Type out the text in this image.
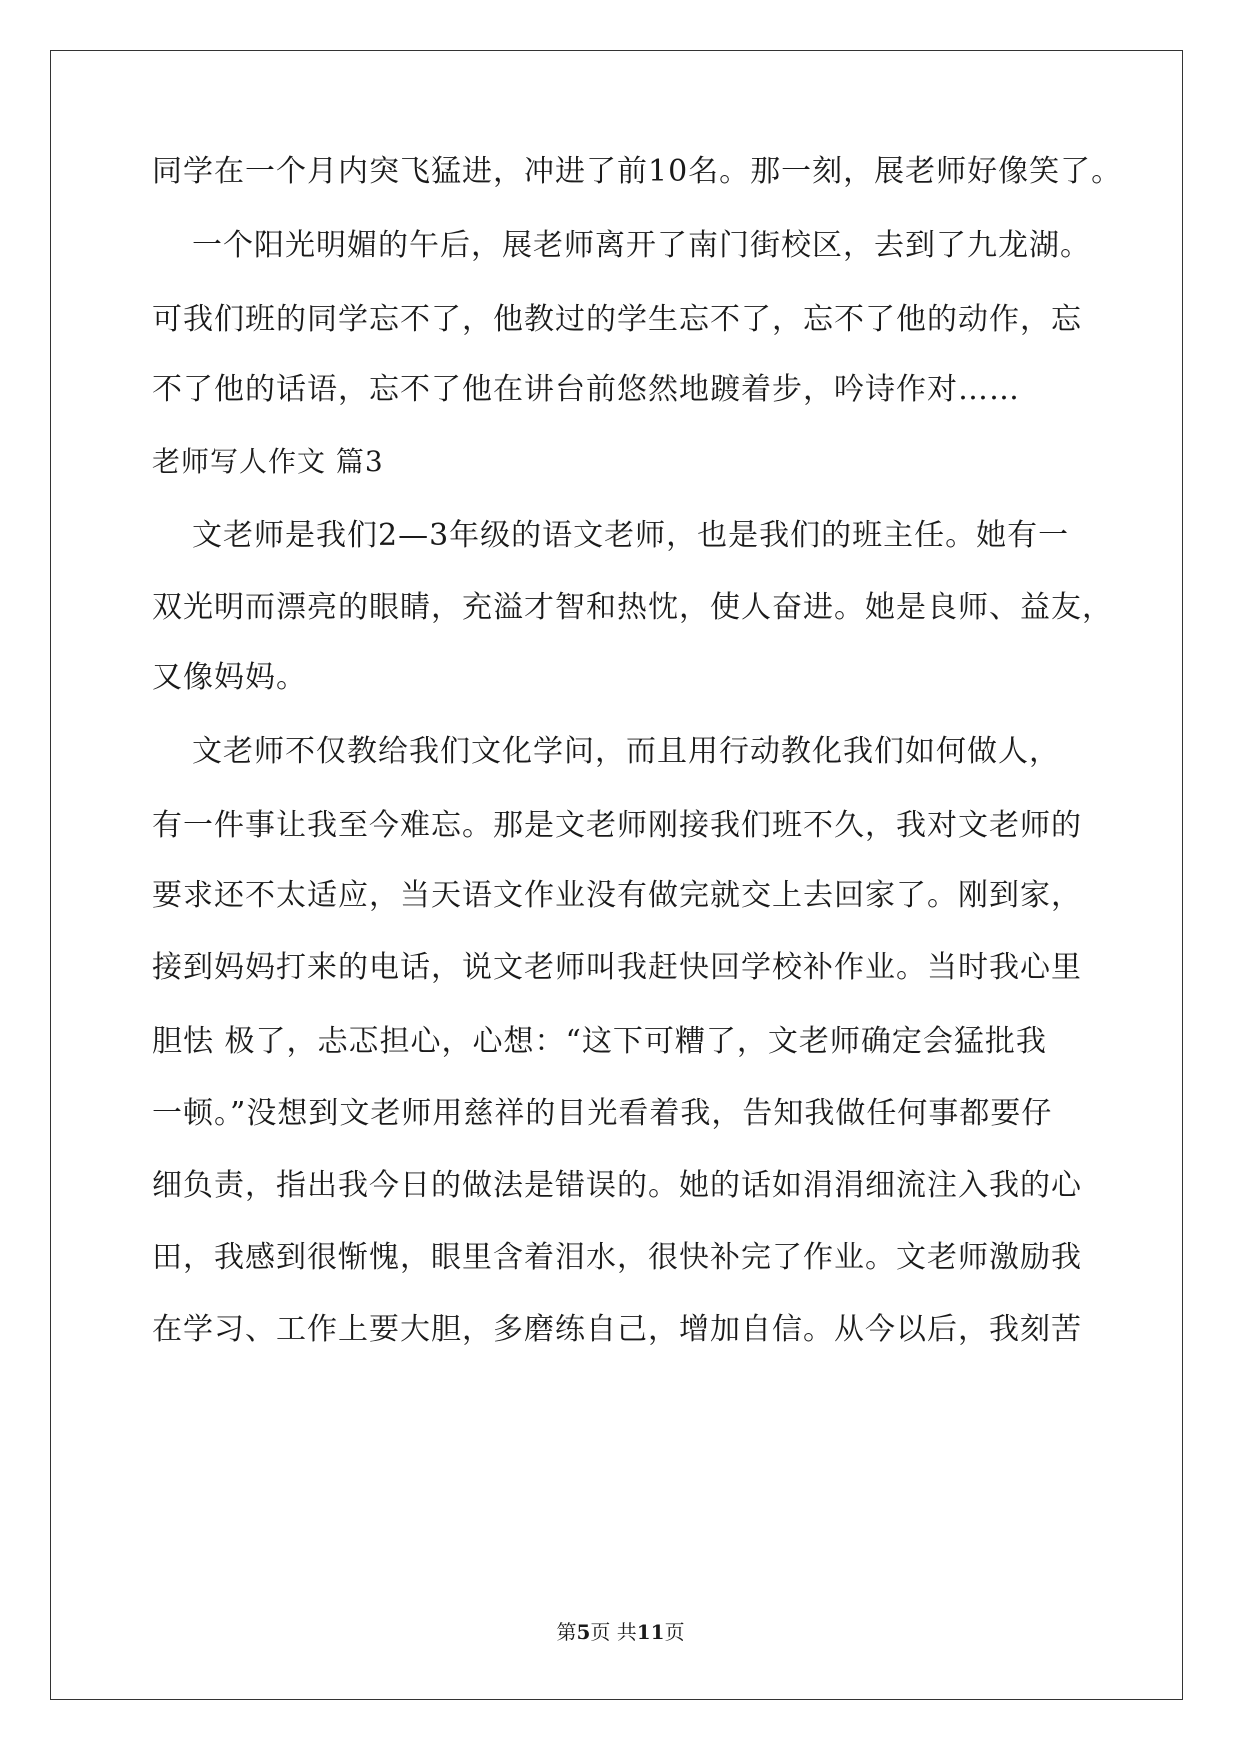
同学在一个月内突飞猛进，冲进了前10名。那一刻，展老师好像笑了。
一个阳光明媚的午后，展老师离开了南门街校区，去到了九龙湖。
可我们班的同学忘不了，他教过的学生忘不了，忘不了他的动作，忘
不了他的话语，忘不了他在讲台前悠然地踱着步，吟诗作对……
老师写人作文 篇3
文老师是我们2—3年级的语文老师，也是我们的班主任。她有一
双光明而漂亮的眼睛，充溢才智和热忱，使人奋进。她是良师、益友，
又像妈妈。
文老师不仅教给我们文化学问，而且用行动教化我们如何做人，
有一件事让我至今难忘。那是文老师刚接我们班不久，我对文老师的
要求还不太适应，当天语文作业没有做完就交上去回家了。刚到家，
接到妈妈打来的电话，说文老师叫我赶快回学校补作业。当时我心里
胆怯 极了，忐忑担心，心想：“这下可糟了，文老师确定会猛批我
一顿。”没想到文老师用慈祥的目光看着我，告知我做任何事都要仔
细负责，指出我今日的做法是错误的。她的话如涓涓细流注入我的心
田，我感到很惭愧，眼里含着泪水，很快补完了作业。文老师激励我
在学习、工作上要大胆，多磨练自己，增加自信。从今以后，我刻苦
第5页 共11页
